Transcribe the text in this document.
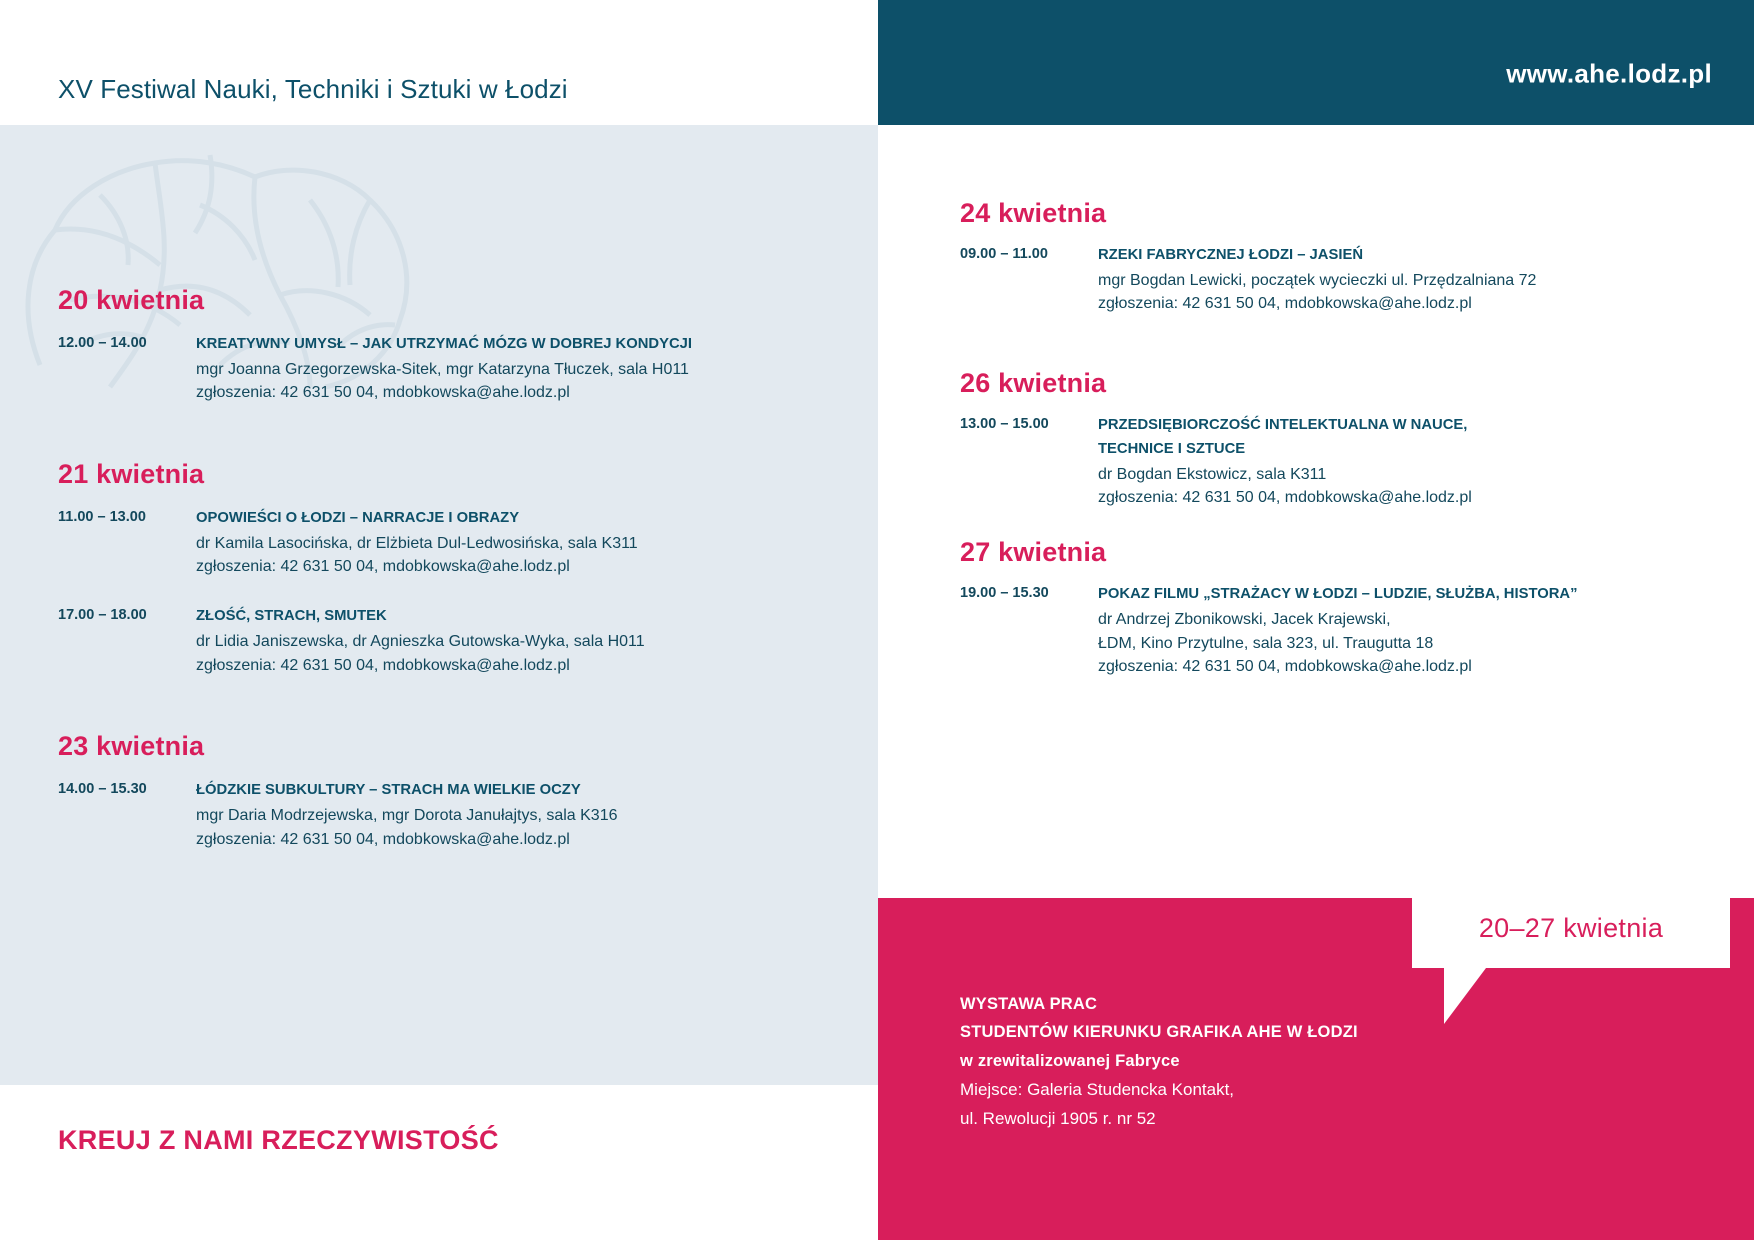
XV Festiwal Nauki, Techniki i Sztuki w Łodzi
20 kwietnia
12.00 – 14.00	KREATYWNY UMYSŁ – JAK UTRZYMAĆ MÓZG W DOBREJ KONDYCJI
mgr Joanna Grzegorzewska-Sitek, mgr Katarzyna Tłuczek, sala H011
zgłoszenia: 42 631 50 04, mdobkowska@ahe.lodz.pl
21 kwietnia
11.00 – 13.00	OPOWIEŚCI O ŁODZI – NARRACJE I OBRAZY
dr Kamila Lasocińska, dr Elżbieta Dul-Ledwosińska, sala K311
zgłoszenia: 42 631 50 04, mdobkowska@ahe.lodz.pl
17.00 – 18.00	ZŁOŚĆ, STRACH, SMUTEK
dr Lidia Janiszewska, dr Agnieszka Gutowska-Wyka, sala H011
zgłoszenia: 42 631 50 04, mdobkowska@ahe.lodz.pl
23 kwietnia
14.00 – 15.30	ŁÓDZKIE SUBKULTURY – STRACH MA WIELKIE OCZY
mgr Daria Modrzejewska, mgr Dorota Janułajtys, sala K316
zgłoszenia: 42 631 50 04, mdobkowska@ahe.lodz.pl
KREUJ Z NAMI RZECZYWISTOŚĆ
www.ahe.lodz.pl
24 kwietnia
09.00 – 11.00	RZEKI FABRYCZNEJ ŁODZI – JASIEŃ
mgr Bogdan Lewicki, początek wycieczki ul. Przędzalniana 72
zgłoszenia: 42 631 50 04, mdobkowska@ahe.lodz.pl
26 kwietnia
13.00 – 15.00	PRZEDSIĘBIORCZOŚĆ INTELEKTUALNA W NAUCE,
TECHNICE I SZTUCE
dr Bogdan Ekstowicz, sala K311
zgłoszenia: 42 631 50 04, mdobkowska@ahe.lodz.pl
27 kwietnia
19.00 – 15.30	POKAZ FILMU „STRAŻACY W ŁODZI – LUDZIE, SŁUŻBA, HISTORA”
dr Andrzej Zbonikowski, Jacek Krajewski,
ŁDM, Kino Przytulne, sala 323, ul. Traugutta 18
zgłoszenia: 42 631 50 04, mdobkowska@ahe.lodz.pl
20–27 kwietnia
WYSTAWA PRAC
STUDENTÓW KIERUNKU GRAFIKA AHE W ŁODZI
w zrewitalizowanej Fabryce
Miejsce: Galeria Studencka Kontakt,
ul. Rewolucji 1905 r. nr 52
